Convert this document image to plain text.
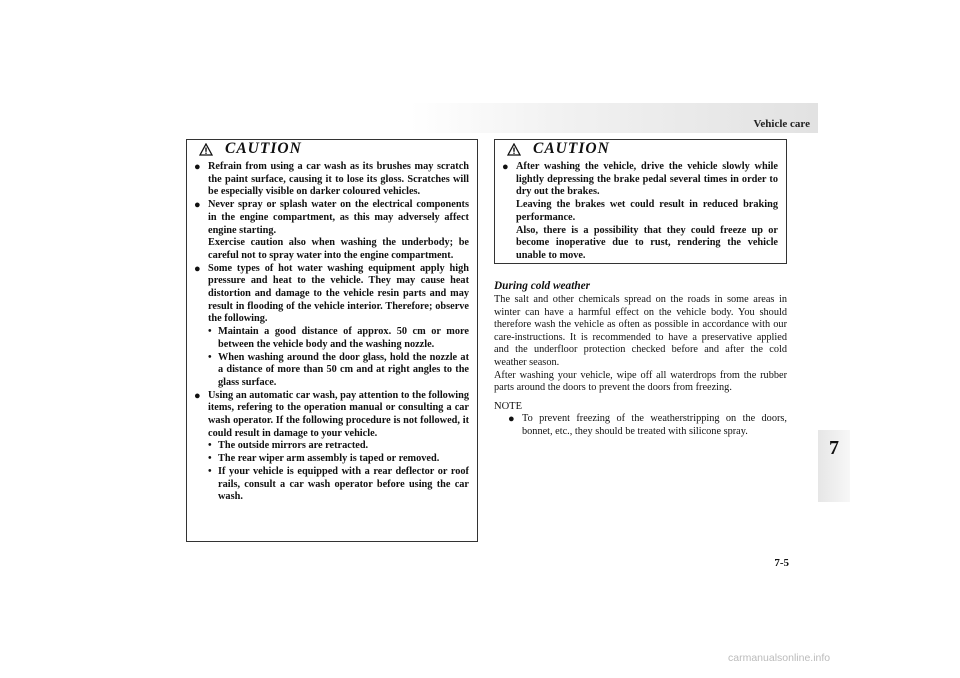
Vehicle care
7
CAUTION
● Refrain from using a car wash as its brushes may scratch the paint surface, causing it to lose its gloss. Scratches will be especially visible on darker coloured vehicles.
● Never spray or splash water on the electrical components in the engine compartment, as this may adversely affect engine starting.
Exercise caution also when washing the underbody; be careful not to spray water into the engine compartment.
● Some types of hot water washing equipment apply high pressure and heat to the vehicle. They may cause heat distortion and damage to the vehicle resin parts and may result in flooding of the vehicle interior. Therefore; observe the following.
• Maintain a good distance of approx. 50 cm or more between the vehicle body and the washing nozzle.
• When washing around the door glass, hold the nozzle at a distance of more than 50 cm and at right angles to the glass surface.
● Using an automatic car wash, pay attention to the following items, refering to the operation manual or consulting a car wash operator. If the following procedure is not followed, it could result in damage to your vehicle.
• The outside mirrors are retracted.
• The rear wiper arm assembly is taped or removed.
• If your vehicle is equipped with a rear deflector or roof rails, consult a car wash operator before using the car wash.
CAUTION
● After washing the vehicle, drive the vehicle slowly while lightly depressing the brake pedal several times in order to dry out the brakes.
Leaving the brakes wet could result in reduced braking performance.
Also, there is a possibility that they could freeze up or become inoperative due to rust, rendering the vehicle unable to move.
During cold weather

The salt and other chemicals spread on the roads in some areas in winter can have a harmful effect on the vehicle body. You should therefore wash the vehicle as often as possible in accordance with our care-instructions. It is recommended to have a preservative applied and the underfloor protection checked before and after the cold weather season.

After washing your vehicle, wipe off all waterdrops from the rubber parts around the doors to prevent the doors from freezing.

NOTE
● To prevent freezing of the weatherstripping on the doors, bonnet, etc., they should be treated with silicone spray.
7-5
carmanualsonline.info
